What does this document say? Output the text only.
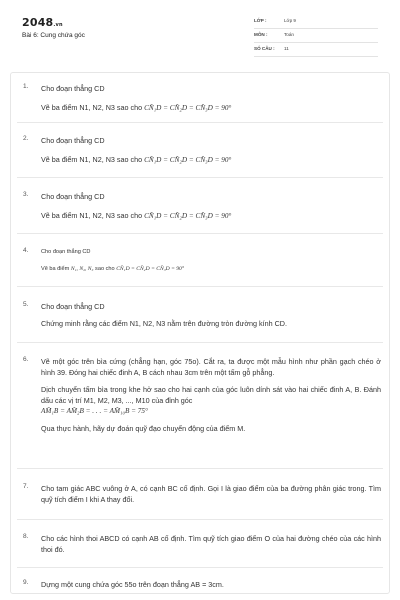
2048.vn
Bài 6: Cung chứa góc
LỚP :	Lớp 9
MÔN :	Toán
SỐ CÂU : 11
1. Cho đoạn thẳng CD
Vẽ ba điểm N1, N2, N3 sao cho CN̂₁D = CN̂₂D = CN̂₃D = 90°
2. Cho đoạn thẳng CD
Vẽ ba điểm N1, N2, N3 sao cho CN̂₁D = CN̂₂D = CN̂₃D = 90°
3. Cho đoạn thẳng CD
Vẽ ba điểm N1, N2, N3 sao cho CN̂₁D = CN̂₂D = CN̂₃D = 90°
4. Cho đoạn thẳng CD
Vẽ ba điểm N₁, N₂, N₃ sao cho CN̂₁D = CN̂₂D = CN̂₃D = 90°
5. Cho đoạn thẳng CD
Chứng minh rằng các điểm N1, N2, N3 nằm trên đường tròn đường kính CD.
6. Vẽ một góc trên bìa cứng (chẳng hạn, góc 75o). Cắt ra, ta được một mẫu hình như phần gạch chéo ở hình 39. Đóng hai chiếc đinh A, B cách nhau 3cm trên một tấm gỗ phẳng.
Dịch chuyển tấm bìa trong khe hở sao cho hai cạnh của góc luôn dính sát vào hai chiếc đinh A, B. Đánh dấu các vị trí M1, M2, M3, ..., M10 của đỉnh góc
AM̂₁B = AM̂₂B = . . . = AM̂₁₀B = 75°
Qua thực hành, hãy dự đoán quỹ đạo chuyển động của điểm M.
7. Cho tam giác ABC vuông ở A, có cạnh BC cố định. Gọi I là giao điểm của ba đường phân giác trong. Tìm quỹ tích điểm I khi A thay đổi.
8. Cho các hình thoi ABCD có cạnh AB cố định. Tìm quỹ tích giao điểm O của hai đường chéo của các hình thoi đó.
9. Dựng một cung chứa góc 55o trên đoạn thẳng AB = 3cm.
